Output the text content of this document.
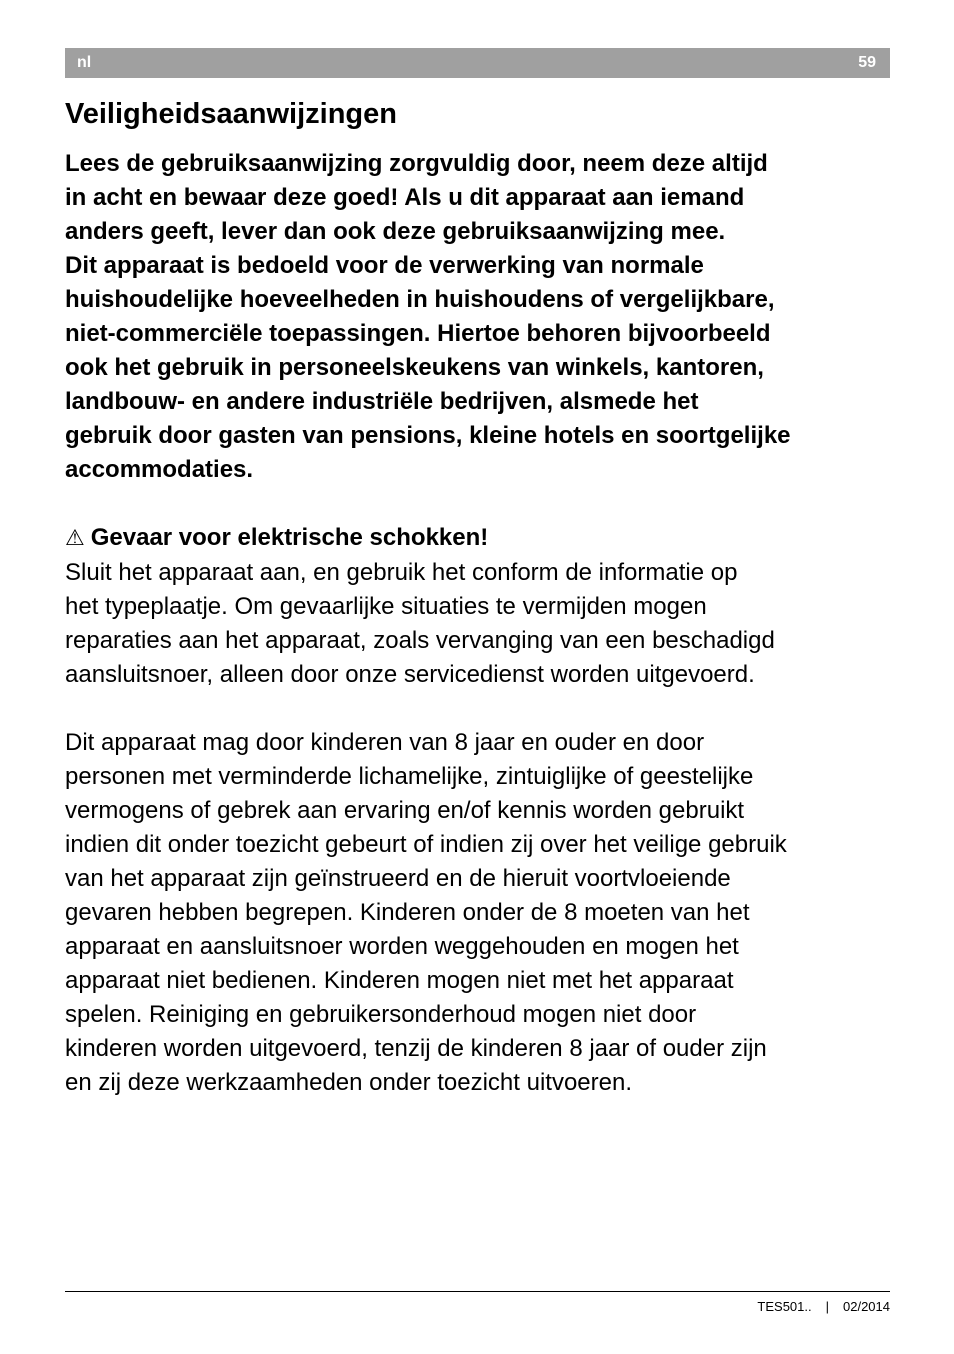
nl	59
Veiligheidsaanwijzingen

Lees de gebruiksaanwijzing zorgvuldig door, neem deze altijd

in acht en bewaar deze goed! Als u dit apparaat aan iemand

anders geeft, lever dan ook deze gebruiksaanwijzing mee.

Dit apparaat is bedoeld voor de verwerking van normale

huishoudelijke hoeveelheden in huishoudens of vergelijkbare,

niet-commerciële toepassingen. Hiertoe behoren bijvoorbeeld

ook het gebruik in personeelskeukens van winkels, kantoren,

landbouw- en andere industriële bedrijven, alsmede het

gebruik door gasten van pensions, kleine hotels en soortgelijke

accommodaties.

⚠ Gevaar voor elektrische schokken!

Sluit het apparaat aan, en gebruik het conform de informatie op

het typeplaatje. Om gevaarlijke situaties te vermijden mogen

reparaties aan het apparaat, zoals vervanging van een beschadigd

aansluitsnoer, alleen door onze servicedienst worden uitgevoerd.

Dit apparaat mag door kinderen van 8 jaar en ouder en door

personen met verminderde lichamelijke, zintuiglijke of geestelijke

vermogens of gebrek aan ervaring en/of kennis worden gebruikt

indien dit onder toezicht gebeurt of indien zij over het veilige gebruik

van het apparaat zijn geïnstrueerd en de hieruit voortvloeiende

gevaren hebben begrepen. Kinderen onder de 8 moeten van het

apparaat en aansluitsnoer worden weggehouden en mogen het

apparaat niet bedienen. Kinderen mogen niet met het apparaat

spelen. Reiniging en gebruikersonderhoud mogen niet door

kinderen worden uitgevoerd, tenzij de kinderen 8 jaar of ouder zijn

en zij deze werkzaamheden onder toezicht uitvoeren.

TES501.. | 02/2014
